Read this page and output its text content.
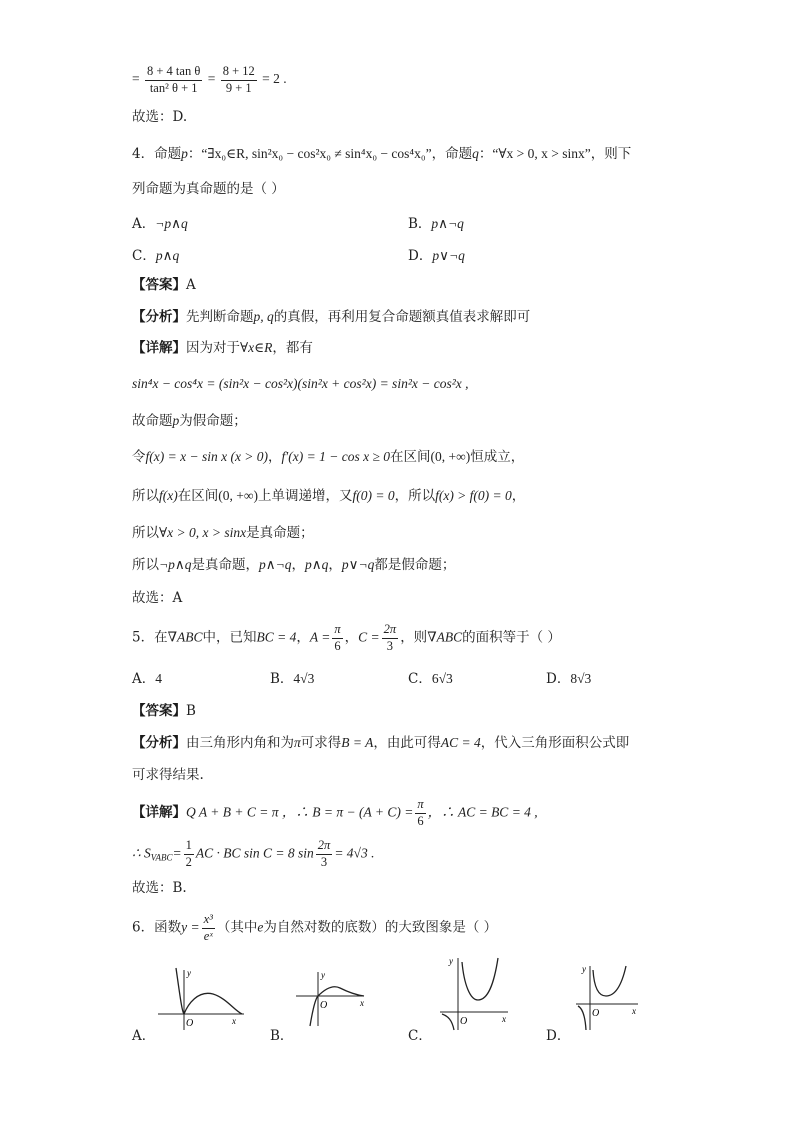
= $\frac{\text{8 + 4 tan θ}}{\text{tan² θ + 1}} = \frac{8 + 12}{9 + 1} = 2$ .
故选：D.
4．命题p：“∃x₀∈R, sin²x₀ − cos²x₀ ≠ sin⁴x₀ − cos⁴x₀”，命题q：“∀x > 0, x > sinx”，则下
列命题为真命题的是（ ）
A．¬p∧q	B．p∧¬q
C．p∧q	D．p∨¬q
【答案】A
【分析】先判断命题p, q的真假，再利用复合命题额真值表求解即可
【详解】因为对于∀x∈R，都有
sin⁴x − cos⁴x = (sin²x − cos²x)(sin²x + cos²x) = sin²x − cos²x ,
故命题p为假命题；
令f(x) = x − sin x (x > 0)，f′(x) = 1 − cos x ≥ 0在区间(0, +∞)恒成立，
所以f(x)在区间(0, +∞)上单调递增，又f(0) = 0，所以f(x) > f(0) = 0，
所以∀x > 0, x > sinx是真命题；
所以¬p∧q是真命题，p∧¬q，p∧q，p∨¬q都是假命题；
故选：A
5．在∇ABC中，已知BC = 4，$A = \frac{\pi}{6}$ ，$C = \frac{2\pi}{3}$ ，则∇ABC的面积等于（ ）
A．4	B．4√3	C．6√3	D．8√3
【答案】B
【分析】由三角形内角和为π可求得B = A，由此可得AC = 4，代入三角形面积公式即
可求得结果.
【详解】Q A + B + C = π ，∴ $B = \pi - (A + C) = \frac{\pi}{6}$ ，∴ AC = BC = 4 ,
∴ $S_{VABC}= \frac{1}{2}$ AC · BC sin C = 8 $\sin \frac{2\pi}{3} = 4√3$ .
故选：B.
6．函数$y = \frac{\text{x³}}{\text{eˣ}}$ （其中e为自然对数的底数）的大致图象是（ ）
A．
y
x
O
B．
y
x
O
C．
y
x
O
D．
y
x
O
